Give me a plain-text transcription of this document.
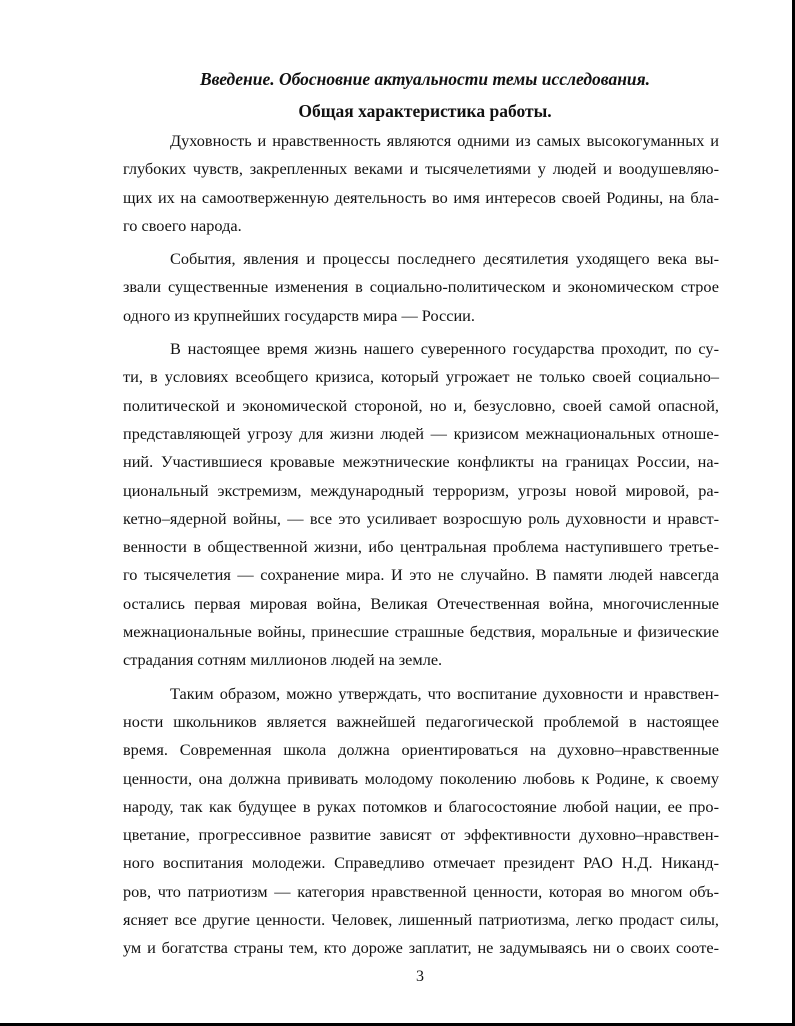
Введение. Обосновние актуальности темы исследования.

Общая характеристика работы.

Духовность и нравственность являются одними из самых высокогуманных и
глубоких чувств, закрепленных веками и тысячелетиями у людей и воодушевляю-
щих их на самоотверженную деятельность во имя интересов своей Родины, на бла-
го своего народа.
События, явления и процессы последнего десятилетия уходящего века вы-
звали существенные изменения в социально-политическом и экономическом строе
одного из крупнейших государств мира — России.
В настоящее время жизнь нашего суверенного государства проходит, по су-
ти, в условиях всеобщего кризиса, который угрожает не только своей социально–
политической и экономической стороной, но и, безусловно, своей самой опасной,
представляющей угрозу для жизни людей — кризисом межнациональных отноше-
ний. Участившиеся кровавые межэтнические конфликты на границах России, на-
циональный экстремизм, международный терроризм, угрозы новой мировой, ра-
кетно–ядерной войны, — все это усиливает возросшую роль духовности и нравст-
венности в общественной жизни, ибо центральная проблема наступившего третье-
го тысячелетия — сохранение мира. И это не случайно. В памяти людей навсегда
остались первая мировая война, Великая Отечественная война, многочисленные
межнациональные войны, принесшие страшные бедствия, моральные и физические
страдания сотням миллионов людей на земле.
Таким образом, можно утверждать, что воспитание духовности и нравствен-
ности школьников является важнейшей педагогической проблемой в настоящее
время. Современная школа должна ориентироваться на духовно–нравственные
ценности, она должна прививать молодому поколению любовь к Родине, к своему
народу, так как будущее в руках потомков и благосостояние любой нации, ее про-
цветание, прогрессивное развитие зависят от эффективности духовно–нравствен-
ного воспитания молодежи. Справедливо отмечает президент РАО Н.Д. Никанд-
ров, что патриотизм — категория нравственной ценности, которая во многом объ-
ясняет все другие ценности. Человек, лишенный патриотизма, легко продаст силы,
ум и богатства страны тем, кто дороже заплатит, не задумываясь ни о своих соотe-
3
